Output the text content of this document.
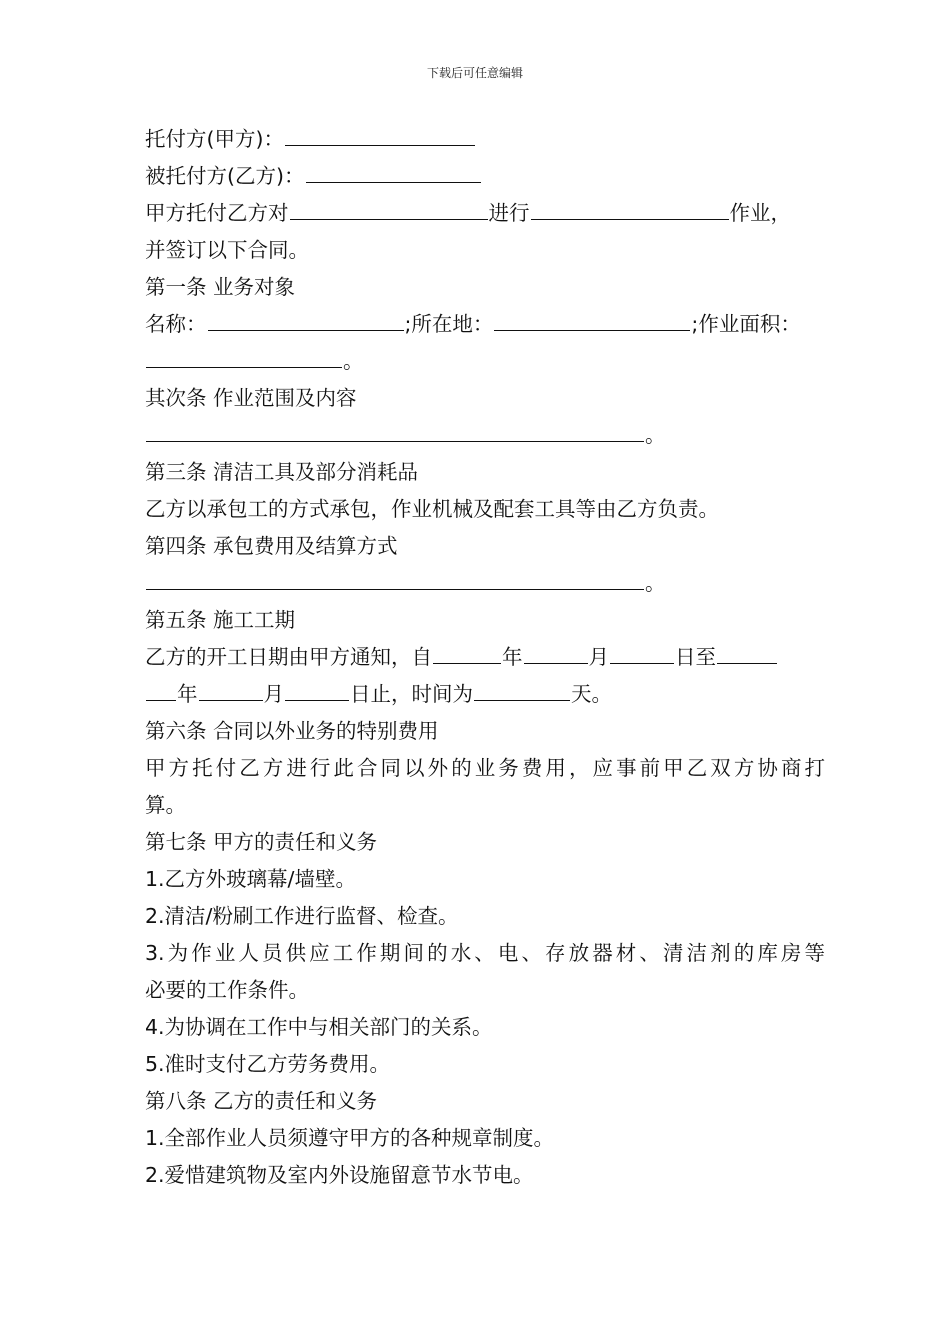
下载后可任意编辑
托付方(甲方)：
被托付方(乙方)：
甲方托付乙方对	进行	作业，
并签订以下合同。
第一条 业务对象
名称：	;所在地：	;作业面积：
。
其次条 作业范围及内容
。
第三条 清洁工具及部分消耗品
乙方以承包工的方式承包，作业机械及配套工具等由乙方负责。
第四条 承包费用及结算方式
。
第五条 施工工期
乙方的开工日期由甲方通知，自	年	月	日至
年	月	日止，时间为	天。
第六条 合同以外业务的特别费用
甲方托付乙方进行此合同以外的业务费用，应事前甲乙双方协商打
算。
第七条 甲方的责任和义务
1.乙方外玻璃幕/墙壁。
2.清洁/粉刷工作进行监督、检查。
3.为作业人员供应工作期间的水、电、存放器材、清洁剂的库房等
必要的工作条件。
4.为协调在工作中与相关部门的关系。
5.准时支付乙方劳务费用。
第八条 乙方的责任和义务
1.全部作业人员须遵守甲方的各种规章制度。
2.爱惜建筑物及室内外设施留意节水节电。
